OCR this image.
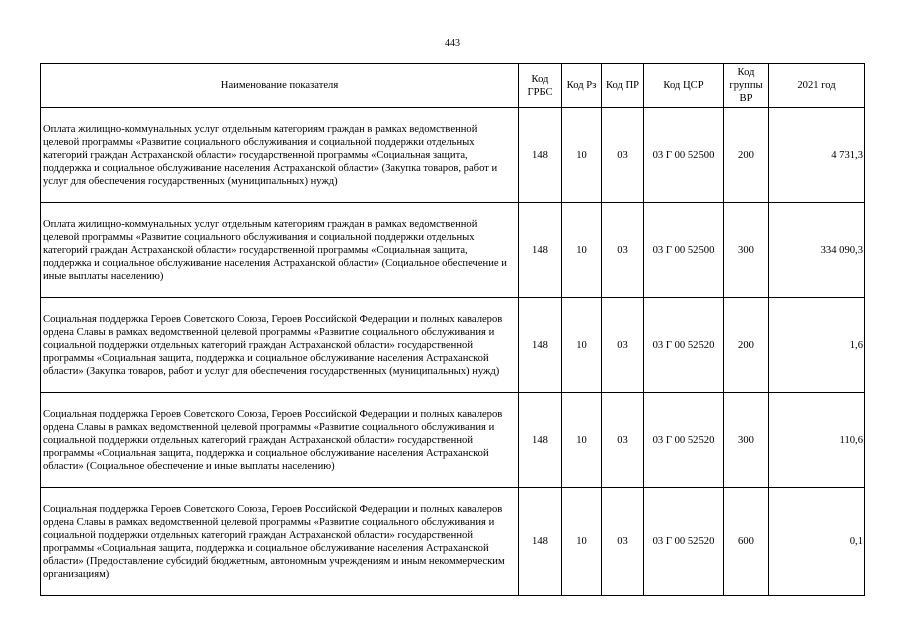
443
Наименование показателя	Код ГРБС	Код Рз	Код ПР	Код ЦСР	Код группы ВР	2021 год
Оплата жилищно-коммунальных услуг отдельным категориям граждан в рамках ведомственной целевой программы «Развитие социального обслуживания и социальной поддержки отдельных категорий граждан Астраханской области» государственной программы «Социальная защита, поддержка и социальное обслуживание населения Астраханской области» (Закупка товаров, работ и услуг для обеспечения государственных (муниципальных) нужд)	148	10	03	03 Г 00 52500	200	4 731,3
Оплата жилищно-коммунальных услуг отдельным категориям граждан в рамках ведомственной целевой программы «Развитие социального обслуживания и социальной поддержки отдельных категорий граждан Астраханской области» государственной программы «Социальная защита, поддержка и социальное обслуживание населения Астраханской области» (Социальное обеспечение и иные выплаты населению)	148	10	03	03 Г 00 52500	300	334 090,3
Социальная поддержка Героев Советского Союза, Героев Российской Федерации и полных кавалеров ордена Славы в рамках ведомственной целевой программы «Развитие социального обслуживания и социальной поддержки отдельных категорий граждан Астраханской области» государственной программы «Социальная защита, поддержка и социальное обслуживание населения Астраханской области» (Закупка товаров, работ и услуг для обеспечения государственных (муниципальных) нужд)	148	10	03	03 Г 00 52520	200	1,6
Социальная поддержка Героев Советского Союза, Героев Российской Федерации и полных кавалеров ордена Славы в рамках ведомственной целевой программы «Развитие социального обслуживания и социальной поддержки отдельных категорий граждан Астраханской области» государственной программы «Социальная защита, поддержка и социальное обслуживание населения Астраханской области» (Социальное обеспечение и иные выплаты населению)	148	10	03	03 Г 00 52520	300	110,6
Социальная поддержка Героев Советского Союза, Героев Российской Федерации и полных кавалеров ордена Славы в рамках ведомственной целевой программы «Развитие социального обслуживания и социальной поддержки отдельных категорий граждан Астраханской области» государственной программы «Социальная защита, поддержка и социальное обслуживание населения Астраханской области» (Предоставление субсидий бюджетным, автономным учреждениям и иным некоммерческим организациям)	148	10	03	03 Г 00 52520	600	0,1
